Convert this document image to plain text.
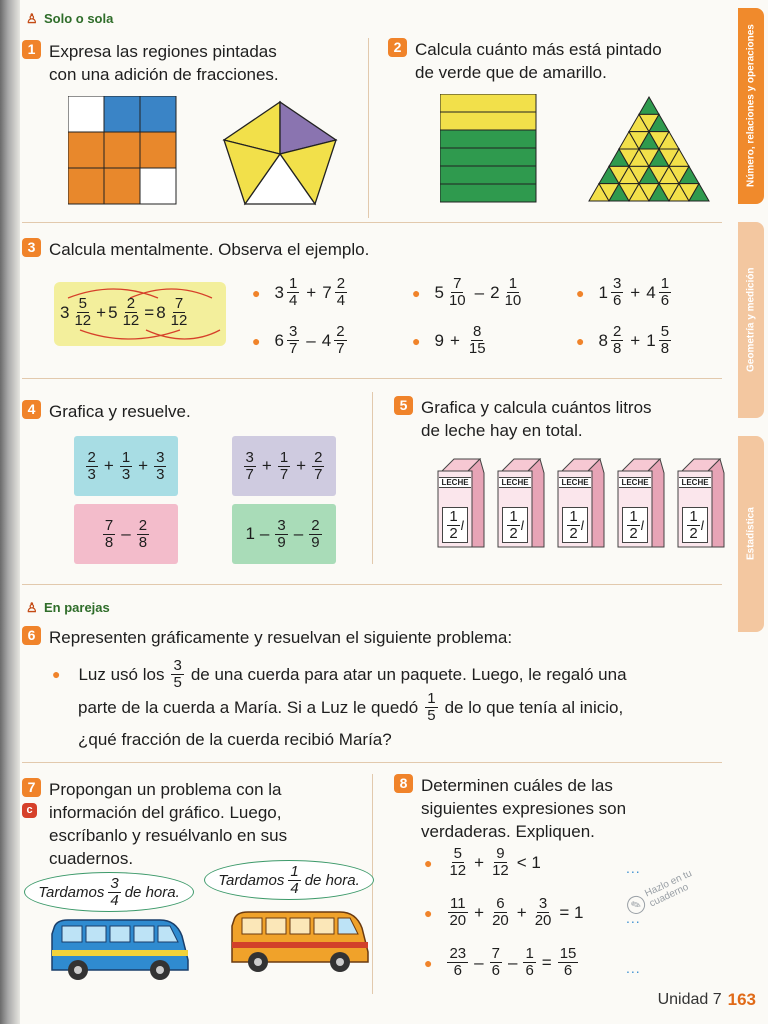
Número, relaciones y operaciones
Geometría y medición
Estadística
♙ Solo o sola
1 Expresa las regiones pintadas
con una adición de fracciones.
2 Calcula cuánto más está pintado
de verde que de amarillo.
3 Calcula mentalmente. Observa el ejemplo.
$3 \frac{5}{12} + 5 \frac{2}{12} = 8 \frac{7}{12}$
● $3 \frac{1}{4} + 7 \frac{2}{4}$	● $5 \frac{7}{10} - 2 \frac{1}{10}$	● $1 \frac{3}{6} + 4 \frac{1}{6}$
● $6 \frac{3}{7} - 4 \frac{2}{7}$	● $9 + \frac{8}{15}$	● $8 \frac{2}{8} + 1 \frac{5}{8}$
4 Grafica y resuelve.
$\frac{2}{3} + \frac{1}{3} + \frac{3}{3}$	$\frac{3}{7} + \frac{1}{7} + \frac{2}{7}$
$\frac{7}{8} - \frac{2}{8}$	$1 - \frac{3}{9} - \frac{2}{9}$
5 Grafica y calcula cuántos litros
de leche hay en total.
LECHE
$\frac{1}{2}$ l
LECHE
$\frac{1}{2}$ l
LECHE
$\frac{1}{2}$ l
LECHE
$\frac{1}{2}$ l
LECHE
$\frac{1}{2}$ l
♙ En parejas
6 Representen gráficamente y resuelvan el siguiente problema:
● Luz usó los $\frac{3}{5}$ de una cuerda para atar un paquete. Luego, le regaló una
parte de la cuerda a María. Si a Luz le quedó $\frac{1}{5}$ de lo que tenía al inicio,
¿qué fracción de la cuerda recibió María?
7
c
Propongan un problema con la
información del gráfico. Luego,
escríbanlo y resuélvanlo en sus
cuadernos.
Tardamos $\frac{3}{4}$ de hora.
Tardamos $\frac{1}{4}$ de hora.
8 Determinen cuáles de las
siguientes expresiones son
verdaderas. Expliquen.
✎
Hazlo en tu cuaderno
● $\frac{5}{12} + \frac{9}{12} < 1$	...
● $\frac{11}{20} + \frac{6}{20} + \frac{3}{20} = 1$	...
● $\frac{23}{6} - \frac{7}{6} - \frac{1}{6} = \frac{15}{6}$	...
Unidad 7 163
